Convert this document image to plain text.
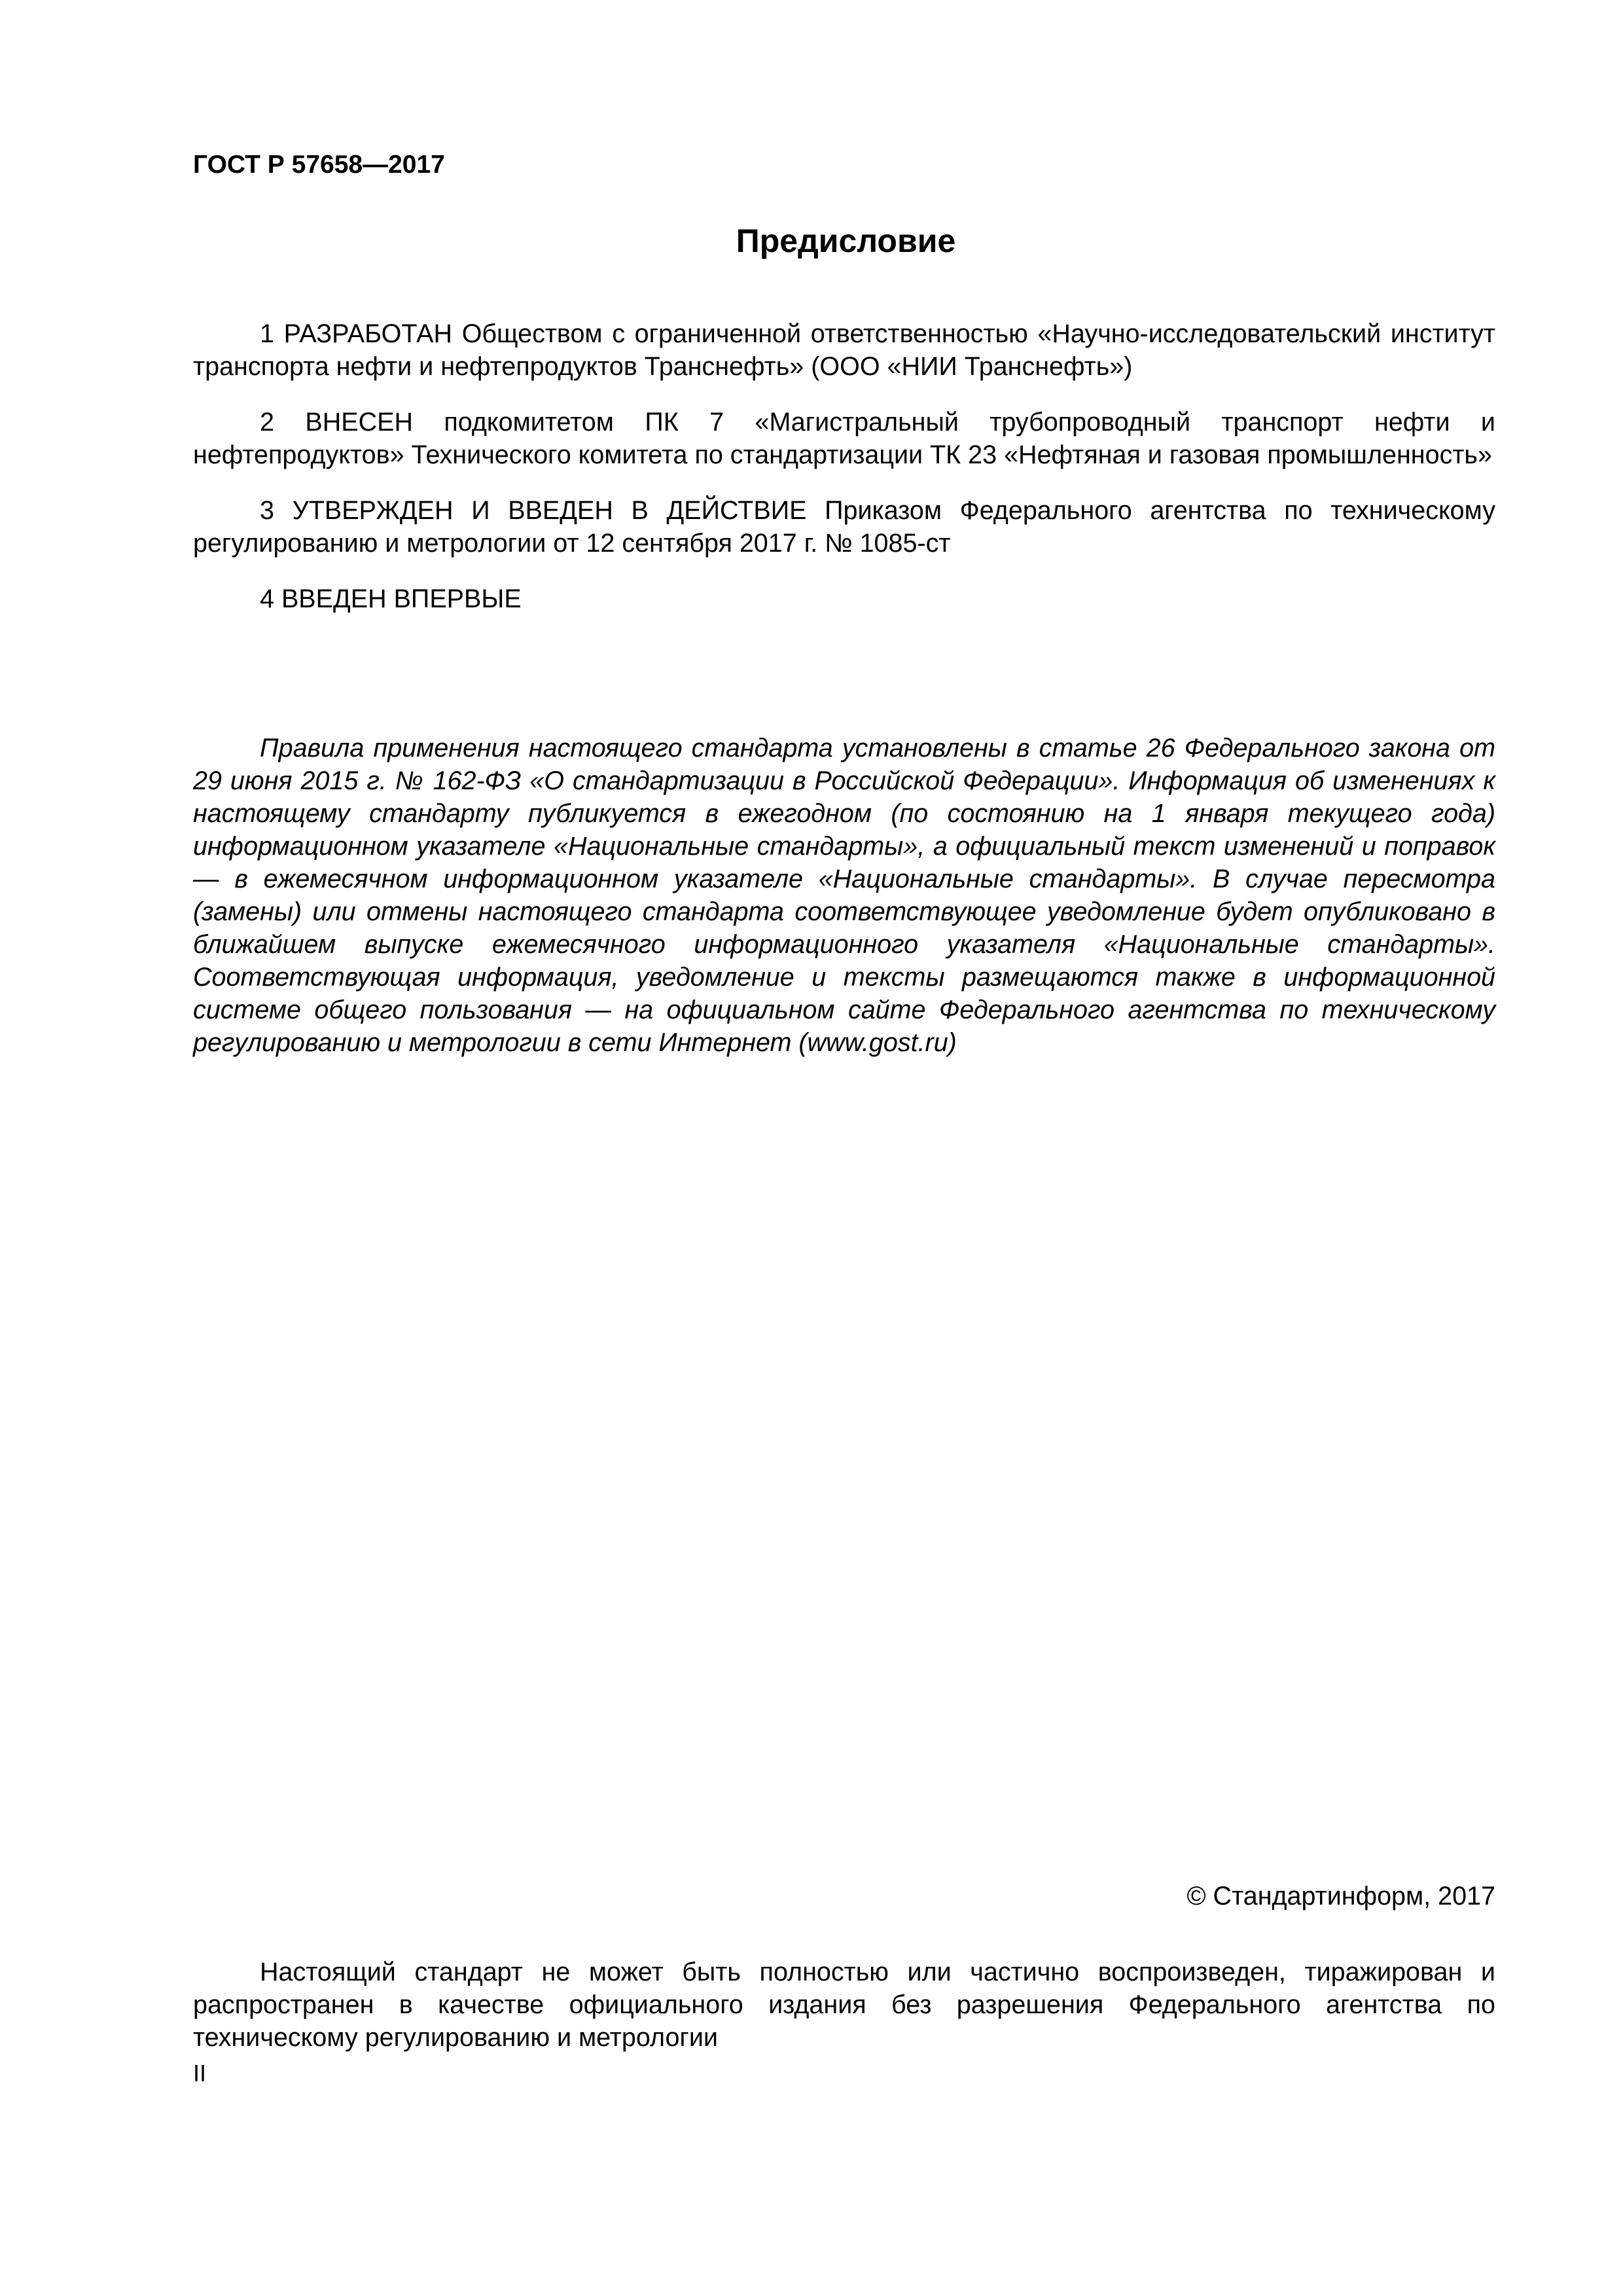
ГОСТ Р 57658—2017
Предисловие

1 РАЗРАБОТАН Обществом с ограниченной ответственностью «Научно-исследовательский институт транспорта нефти и нефтепродуктов Транснефть» (ООО «НИИ Транснефть»)

2 ВНЕСЕН подкомитетом ПК 7 «Магистральный трубопроводный транспорт нефти и нефтепродуктов» Технического комитета по стандартизации ТК 23 «Нефтяная и газовая промышленность»

3 УТВЕРЖДЕН И ВВЕДЕН В ДЕЙСТВИЕ Приказом Федерального агентства по техническому регулированию и метрологии от 12 сентября 2017 г. № 1085-ст

4 ВВЕДЕН ВПЕРВЫЕ

Правила применения настоящего стандарта установлены в статье 26 Федерального закона от 29 июня 2015 г. № 162-ФЗ «О стандартизации в Российской Федерации». Информация об изменениях к настоящему стандарту публикуется в ежегодном (по состоянию на 1 января текущего года) информационном указателе «Национальные стандарты», а официальный текст изменений и поправок — в ежемесячном информационном указателе «Национальные стандарты». В случае пересмотра (замены) или отмены настоящего стандарта соответствующее уведомление будет опубликовано в ближайшем выпуске ежемесячного информационного указателя «Национальные стандарты». Соответствующая информация, уведомление и тексты размещаются также в информационной системе общего пользования — на официальном сайте Федерального агентства по техническому регулированию и метрологии в сети Интернет (www.gost.ru)

© Стандартинформ, 2017

Настоящий стандарт не может быть полностью или частично воспроизведен, тиражирован и распространен в качестве официального издания без разрешения Федерального агентства по техническому регулированию и метрологии

II
